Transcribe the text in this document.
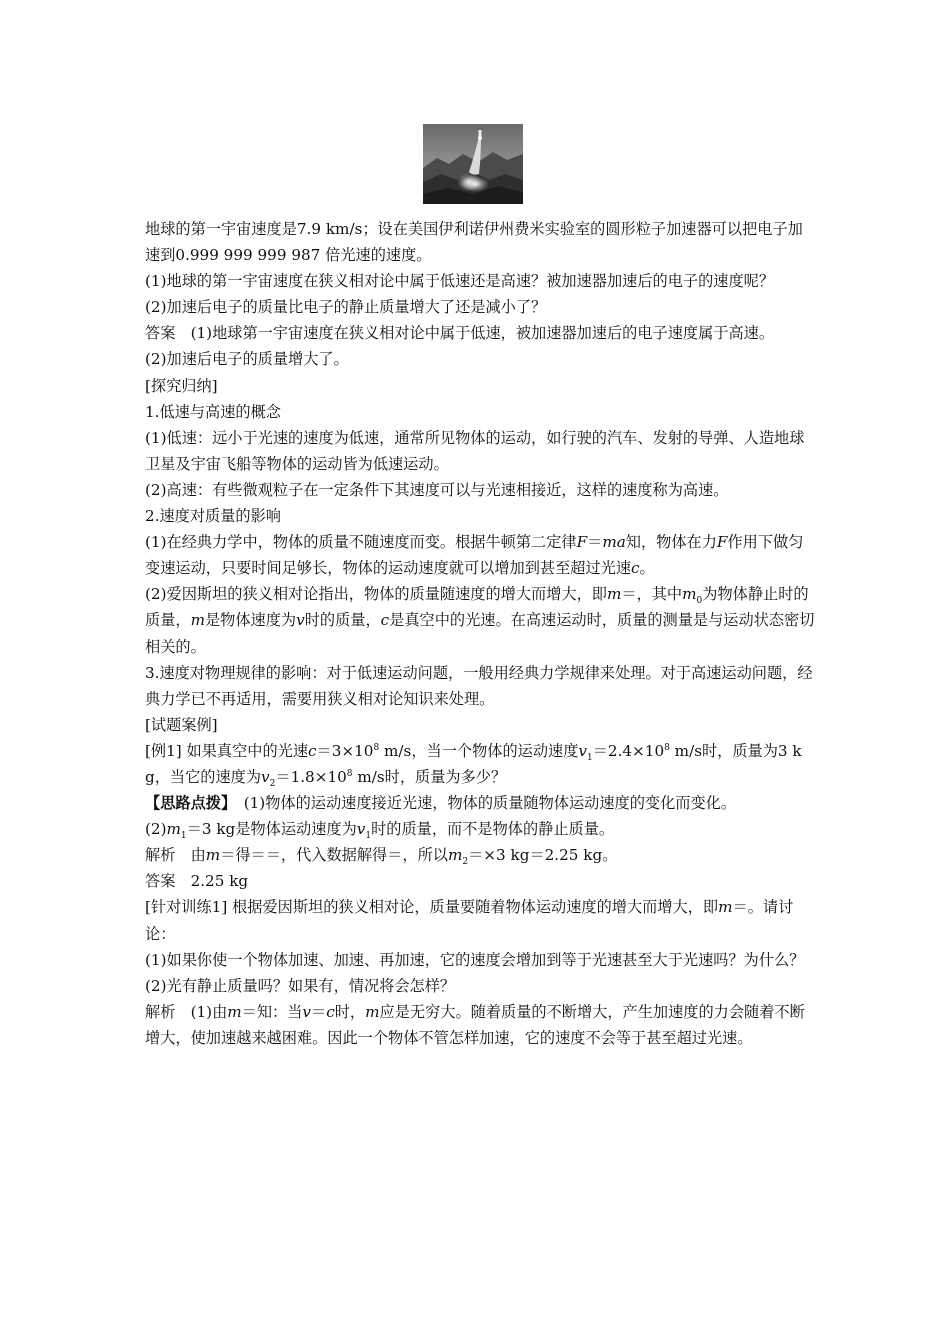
地球的第一宇宙速度是7.9 km/s；设在美国伊利诺伊州费米实验室的圆形粒子加速器可以把电子加速到0.999 999 999 987 倍光速的速度。

(1)地球的第一宇宙速度在狭义相对论中属于低速还是高速？被加速器加速后的电子的速度呢？

(2)加速后电子的质量比电子的静止质量增大了还是减小了？

答案　(1)地球第一宇宙速度在狭义相对论中属于低速，被加速器加速后的电子速度属于高速。

(2)加速后电子的质量增大了。

[探究归纳]

1.低速与高速的概念

(1)低速：远小于光速的速度为低速，通常所见物体的运动，如行驶的汽车、发射的导弹、人造地球卫星及宇宙飞船等物体的运动皆为低速运动。

(2)高速：有些微观粒子在一定条件下其速度可以与光速相接近，这样的速度称为高速。

2.速度对质量的影响

(1)在经典力学中，物体的质量不随速度而变。根据牛顿第二定律F＝ma知，物体在力F作用下做匀变速运动，只要时间足够长，物体的运动速度就可以增加到甚至超过光速c。

(2)爱因斯坦的狭义相对论指出，物体的质量随速度的增大而增大，即m＝，其中$m_0$为物体静止时的质量，m是物体速度为v时的质量，c是真空中的光速。在高速运动时，质量的测量是与运动状态密切相关的。

3.速度对物理规律的影响：对于低速运动问题，一般用经典力学规律来处理。对于高速运动问题，经典力学已不再适用，需要用狭义相对论知识来处理。

[试题案例]

[例1] 如果真空中的光速$c=3\times 10^8$ m/s，当一个物体的运动速度$v_1=2.4\times 10^8$ m/s时，质量为3 kg，当它的速度为$v_2=1.8\times 10^8$ m/s时，质量为多少？

【思路点拨】　(1)物体的运动速度接近光速，物体的质量随物体运动速度的变化而变化。

$(2)m_1=3$ kg是物体运动速度为$v_1$时的质量，而不是物体的静止质量。

解析　由m＝得＝＝，代入数据解得＝，所以$m_2=\times 3$ kg＝2.25 kg。

答案　2.25 kg

[针对训练1] 根据爱因斯坦的狭义相对论，质量要随着物体运动速度的增大而增大，即m＝。请讨论：

(1)如果你使一个物体加速、加速、再加速，它的速度会增加到等于光速甚至大于光速吗？为什么？

(2)光有静止质量吗？如果有，情况将会怎样？

解析　(1)由m＝知：当v＝c时，m应是无穷大。随着质量的不断增大，产生加速度的力会随着不断增大，使加速越来越困难。因此一个物体不管怎样加速，它的速度不会等于甚至超过光速。
